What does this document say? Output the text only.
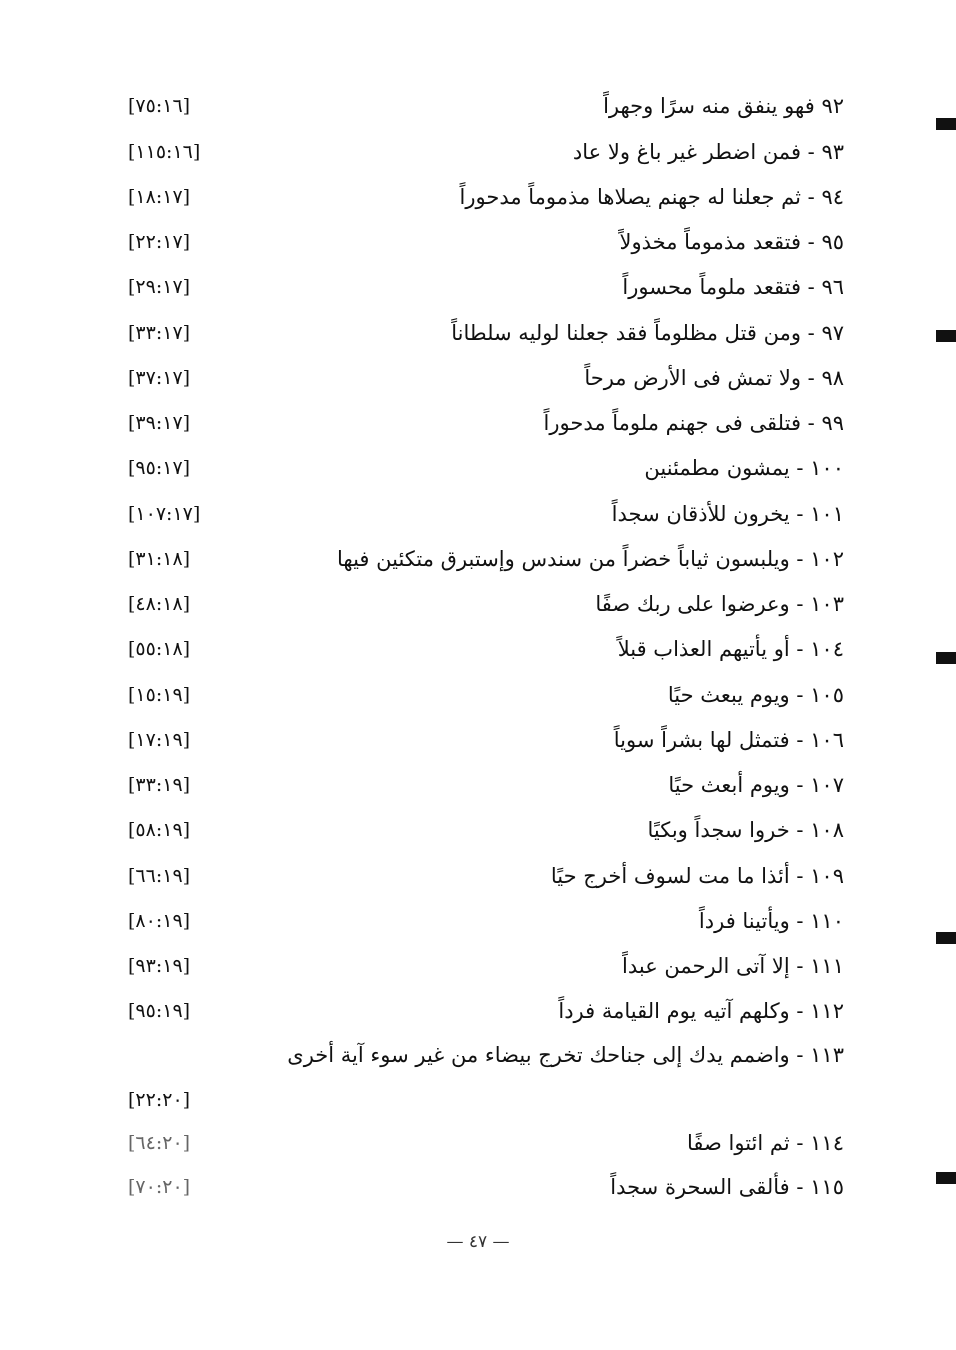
٩٢ فهو ينفق منه سرًا وجهراً
[٧٥:١٦]
٩٣ - فمن اضطر غير باغ ولا عاد
[١١٥:١٦]
٩٤ - ثم جعلنا له جهنم يصلاها مذموماً مدحوراً
[١٨:١٧]
٩٥ - فتقعد مذموماً مخذولاً
[٢٢:١٧]
٩٦ - فتقعد ملوماً محسوراً
[٢٩:١٧]
٩٧ - ومن قتل مظلوماً فقد جعلنا لوليه سلطاناً
[٣٣:١٧]
٩٨ - ولا تمش فى الأرض مرحاً
[٣٧:١٧]
٩٩ - فتلقى فى جهنم ملوماً مدحوراً
[٣٩:١٧]
١٠٠ - يمشون مطمئنين
[٩٥:١٧]
١٠١ - يخرون للأذقان سجداً
[١٠٧:١٧]
١٠٢ - ويلبسون ثياباً خضراً من سندس وإستبرق متكئين فيها
[٣١:١٨]
١٠٣ - وعرضوا على ربك صفًا
[٤٨:١٨]
١٠٤ - أو يأتيهم العذاب قبلاً
[٥٥:١٨]
١٠٥ - ويوم يبعث حيًا
[١٥:١٩]
١٠٦ - فتمثل لها بشراً سوياً
[١٧:١٩]
١٠٧ - ويوم أبعث حيًا
[٣٣:١٩]
١٠٨ - خروا سجداً وبكيًا
[٥٨:١٩]
١٠٩ - أئذا ما مت لسوف أخرج حيًا
[٦٦:١٩]
١١٠ - ويأتينا فرداً
[٨٠:١٩]
١١١ - إلا آتى الرحمن عبداً
[٩٣:١٩]
١١٢ - وكلهم آتيه يوم القيامة فرداً
[٩٥:١٩]
١١٣ - واضمم يدك إلى جناحك تخرج بيضاء من غير سوء آية أخرى
[٢٢:٢٠]
١١٤ - ثم ائتوا صفًا
[٦٤:٢٠]
١١٥ - فألقى السحرة سجداً
[٧٠:٢٠]
— ٤٧ —
